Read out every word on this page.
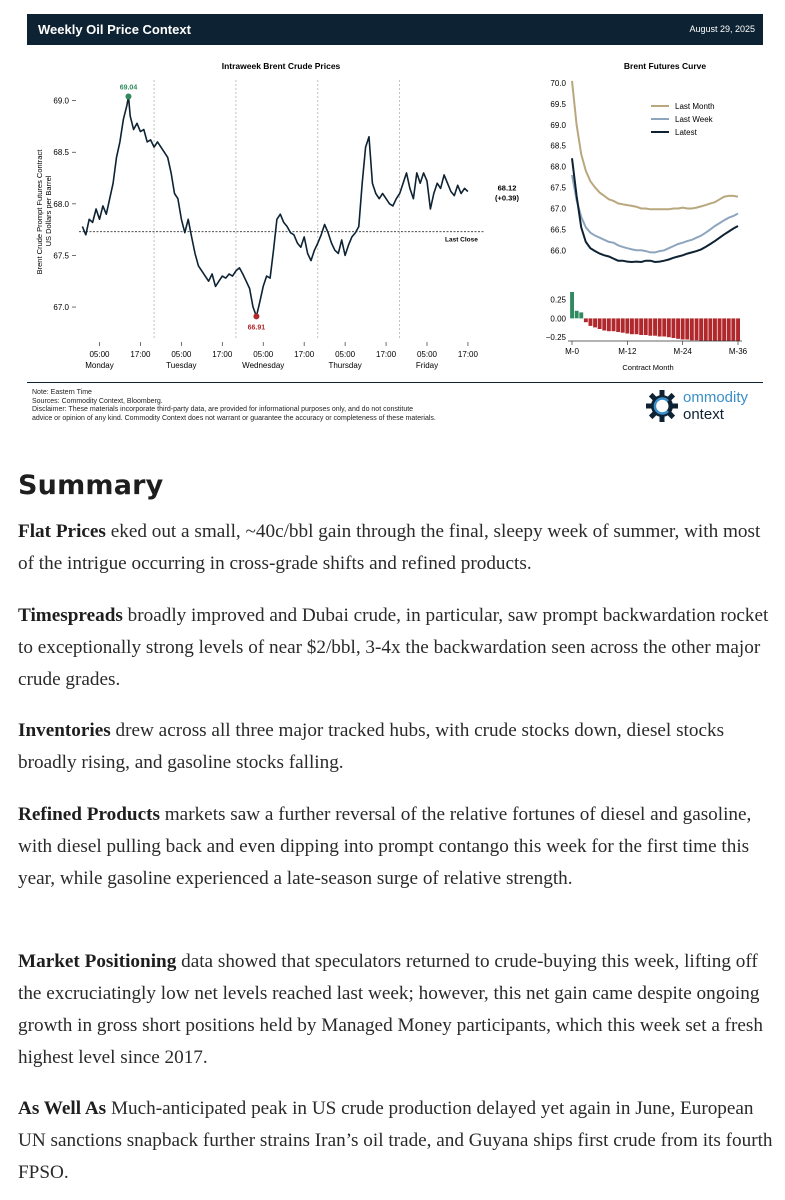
Weekly Oil Price Context	August 29, 2025
Intraweek Brent Crude Prices
Brent Crude Prompt Futures Contract US Dollars per Barrel
69.0
68.5
68.0
67.5
67.0
Last Close
69.04
66.91
68.12
(+0.39)
05:00
Monday
17:00	05:00
Tuesday
17:00	05:00
Wednesday
17:00	05:00
Thursday
17:00	05:00
Friday
17:00
Brent Futures Curve
70.0
69.5
69.0
68.5
68.0
67.5
67.0
66.5
66.0
Last Month
Last Week
Latest
0.25
0.00
−0.25
M-0	M-12	M-24	M-36
Contract Month
Note: Eastern Time
Sources: Commodity Context, Bloomberg.
Disclaimer: These materials incorporate third-party data, are provided for informational purposes only, and do not constitute
advice or opinion of any kind. Commodity Context does not warrant or guarantee the accuracy or completeness of these materials.
ommodity
ontext
Summary
Flat Prices eked out a small, ~40c/bbl gain through the final, sleepy week of summer, with most of the intrigue occurring in cross-grade shifts and refined products.
Timespreads broadly improved and Dubai crude, in particular, saw prompt backwardation rocket to exceptionally strong levels of near $2/bbl, 3-4x the backwardation seen across the other major crude grades.
Inventories drew across all three major tracked hubs, with crude stocks down, diesel stocks broadly rising, and gasoline stocks falling.
Refined Products markets saw a further reversal of the relative fortunes of diesel and gasoline, with diesel pulling back and even dipping into prompt contango this week for the first time this year, while gasoline experienced a late-season surge of relative strength.
Market Positioning data showed that speculators returned to crude-buying this week, lifting off the excruciatingly low net levels reached last week; however, this net gain came despite ongoing growth in gross short positions held by Managed Money participants, which this week set a fresh highest level since 2017.
As Well As Much-anticipated peak in US crude production delayed yet again in June, European UN sanctions snapback further strains Iran’s oil trade, and Guyana ships first crude from its fourth FPSO.
